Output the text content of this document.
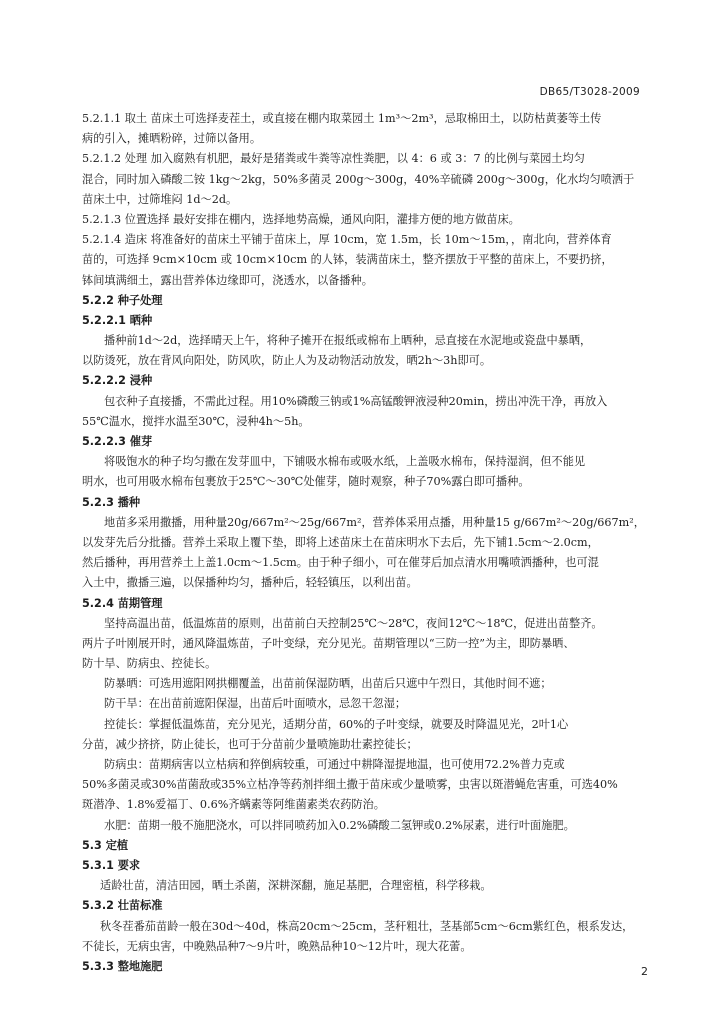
DB65/T3028-2009
5.2.1.1 取土 苗床土可选择麦茬土，或直接在棚内取菜园土 1m³～2m³，忌取棉田土，以防枯黄萎等土传
病的引入，摊晒粉碎，过筛以备用。
5.2.1.2 处理 加入腐熟有机肥，最好是猪粪或牛粪等凉性粪肥，以 4：6 或 3：7 的比例与菜园土均匀
混合，同时加入磷酸二铵 1kg～2kg，50%多菌灵 200g～300g，40%辛硫磷 200g～300g，化水均匀喷洒于
苗床土中，过筛堆闷 1d～2d。
5.2.1.3 位置选择 最好安排在棚内，选择地势高燥，通风向阳，灌排方便的地方做苗床。
5.2.1.4 造床 将准备好的苗床土平铺于苗床上，厚 10cm，宽 1.5m，长 10m～15m，，南北向，营养体育
苗的，可选择 9cm×10cm 或 10cm×10cm 的人钵，装满苗床土，整齐摆放于平整的苗床上，不要扔挤，
钵间填满细土，露出营养体边缘即可，浇透水，以备播种。
5.2.2 种子处理
5.2.2.1 晒种
播种前1d～2d，选择晴天上午，将种子摊开在报纸或棉布上晒种，忌直接在水泥地或瓷盘中暴晒，
以防烫死，放在背风向阳处，防风吹，防止人为及动物活动放发，晒2h～3h即可。
5.2.2.2 浸种
包衣种子直接播，不需此过程。用10%磷酸三钠或1%高锰酸钾液浸种20min，捞出冲洗干净，再放入
55℃温水，搅拌水温至30℃，浸种4h～5h。
5.2.2.3 催芽
将吸饱水的种子均匀撒在发芽皿中，下铺吸水棉布或吸水纸，上盖吸水棉布，保持湿润，但不能见
明水，也可用吸水棉布包裹放于25℃～30℃处催芽，随时观察，种子70%露白即可播种。
5.2.3 播种
地苗多采用撒播，用种量20g/667m²～25g/667m²，营养体采用点播，用种量15 g/667m²～20g/667m²，
以发芽先后分批播。营养土采取上覆下垫，即将上述苗床土在苗床明水下去后，先下铺1.5cm～2.0cm，
然后播种，再用营养土上盖1.0cm～1.5cm。由于种子细小，可在催芽后加点清水用嘴喷洒播种，也可混
入土中，撒播三遍，以保播种均匀，播种后，轻轻镇压，以利出苗。
5.2.4 苗期管理
坚持高温出苗，低温炼苗的原则，出苗前白天控制25℃～28℃，夜间12℃～18℃，促进出苗整齐。
两片子叶刚展开时，通风降温炼苗，子叶变绿，充分见光。苗期管理以“三防一控”为主，即防暴晒、
防十旱、防病虫、控徒长。
防暴晒：可选用遮阳网拱棚覆盖，出苗前保湿防晒，出苗后只遮中午烈日，其他时间不遮；
防干旱：在出苗前遮阳保湿，出苗后叶面喷水，忌忽干忽湿；
控徒长：掌握低温炼苗，充分见光，适期分苗，60%的子叶变绿，就要及时降温见光，2叶1心
分苗，减少挤挤，防止徒长，也可于分苗前少量喷施助壮素控徒长；
防病虫：苗期病害以立枯病和猝倒病较重，可通过中耕降湿提地温，也可使用72.2%普力克或
50%多菌灵或30%苗菌敌或35%立枯净等药剂拌细土撒于苗床或少量喷雾，虫害以斑潜蝇危害重，可选40%
斑潜净、1.8%爱福丁、0.6%齐螨素等阿维菌素类农药防治。
水肥：苗期一般不施肥浇水，可以拌同喷药加入0.2%磷酸二氢钾或0.2%尿素，进行叶面施肥。
5.3 定植
5.3.1 要求
适龄壮苗，清洁田园，晒土杀菌，深耕深翻，施足基肥，合理密植，科学移栽。
5.3.2 壮苗标准
秋冬茬番茄苗龄一般在30d～40d，株高20cm～25cm，茎秆粗壮，茎基部5cm～6cm紫红色，根系发达，
不徒长，无病虫害，中晚熟品种7～9片叶，晚熟品种10～12片叶，现大花蕾。
5.3.3 整地施肥	2
